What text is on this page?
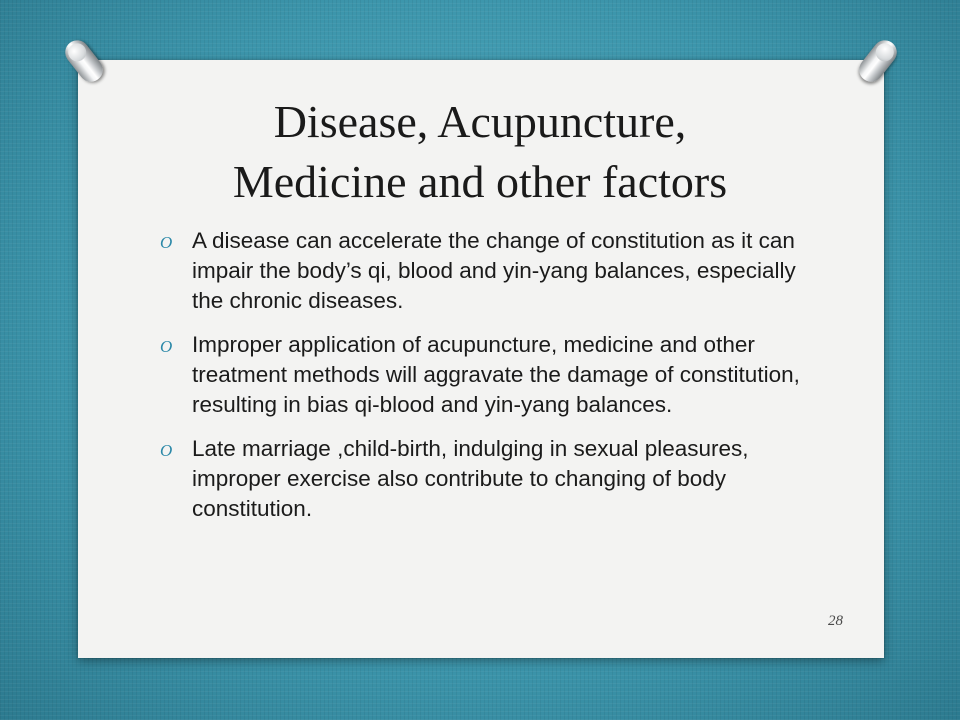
Disease, Acupuncture,
Medicine and other factors
O A disease can accelerate the change of constitution as it can impair the body’s qi, blood and yin-yang balances, especially the chronic diseases.
O Improper application of acupuncture, medicine and other treatment methods will aggravate the damage of constitution, resulting in bias qi-blood and yin-yang balances.
O Late marriage ,child-birth, indulging in sexual pleasures, improper exercise also contribute to changing of body constitution.
28
